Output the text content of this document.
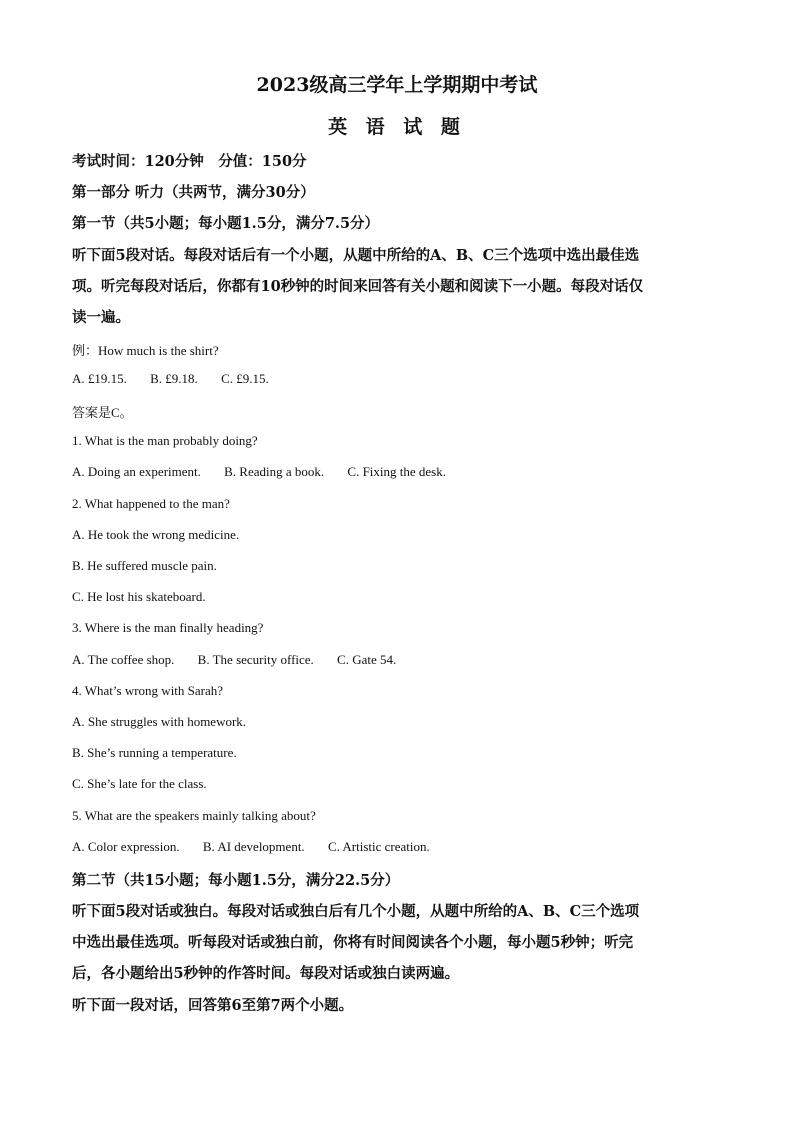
2023级高三学年上学期期中考试
英 语 试 题
考试时间：120分钟　分值：150分
第一部分 听力（共两节，满分30分）
第一节（共5小题；每小题1.5分，满分7.5分）
听下面5段对话。每段对话后有一个小题，从题中所给的A、B、C三个选项中选出最佳选
项。听完每段对话后，你都有10秒钟的时间来回答有关小题和阅读下一小题。每段对话仅
读一遍。
例：How much is the shirt?
A. £19.15. B. £9.18. C. £9.15.
答案是C。
1. What is the man probably doing?
A. Doing an experiment. B. Reading a book. C. Fixing the desk.
2. What happened to the man?
A. He took the wrong medicine.
B. He suffered muscle pain.
C. He lost his skateboard.
3. Where is the man finally heading?
A. The coffee shop. B. The security office. C. Gate 54.
4. What’s wrong with Sarah?
A. She struggles with homework.
B. She’s running a temperature.
C. She’s late for the class.
5. What are the speakers mainly talking about?
A. Color expression. B. AI development. C. Artistic creation.
第二节（共15小题；每小题1.5分，满分22.5分）
听下面5段对话或独白。每段对话或独白后有几个小题，从题中所给的A、B、C三个选项
中选出最佳选项。听每段对话或独白前，你将有时间阅读各个小题，每小题5秒钟；听完
后，各小题给出5秒钟的作答时间。每段对话或独白读两遍。
听下面一段对话，回答第6至第7两个小题。
